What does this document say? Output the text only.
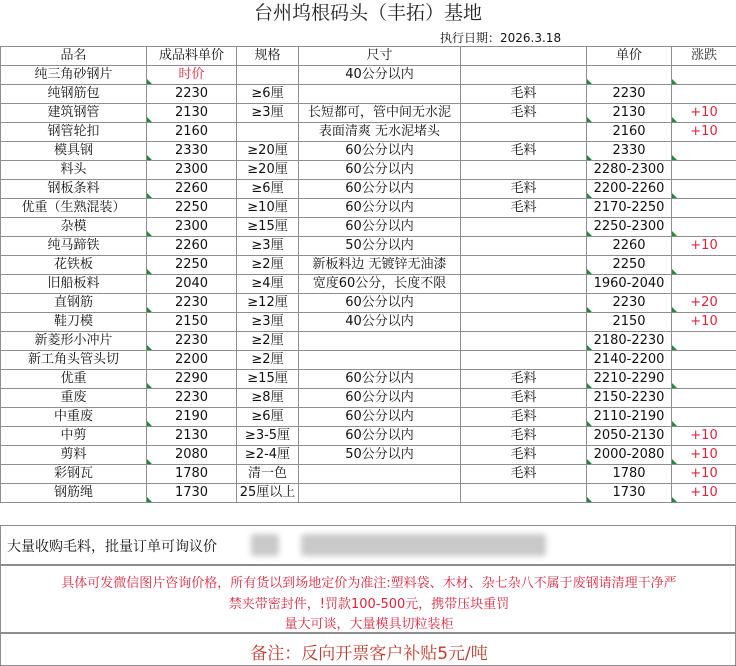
台州坞根码头（丰拓）基地
执行日期：2026.3.18
品名	成品料单价	规格	尺寸		单价	涨跌
纯三角砂钢片	时价		40公分以内			
纯钢筋包	2230	≥6厘		毛料	2230	
建筑钢管	2130	≥3厘	长短都可，管中间无水泥	毛料	2130	+10
钢管轮扣	2160		表面清爽 无水泥堵头		2160	+10
模具钢	2330	≥20厘	60公分以内	毛料	2330	
料头	2300	≥20厘	60公分以内		2280-2300	
钢板条料	2260	≥6厘	60公分以内	毛料	2200-2260	
优重（生熟混装）	2250	≥10厘	60公分以内	毛料	2170-2250	
杂模	2300	≥15厘	60公分以内		2250-2300	
纯马蹄铁	2260	≥3厘	50公分以内		2260	+10
花铁板	2250	≥2厘	新板料边 无镀锌无油漆		2250	
旧船板料	2040	≥4厘	宽度60公分，长度不限		1960-2040	
直钢筋	2230	≥12厘	60公分以内		2230	+20
鞋刀模	2150	≥3厘	40公分以内		2150	+10
新菱形小冲片	2230	≥2厘			2180-2230	
新工角头管头切	2200	≥2厘			2140-2200	
优重	2290	≥15厘	60公分以内	毛料	2210-2290	
重废	2230	≥8厘	60公分以内	毛料	2150-2230	
中重废	2190	≥6厘	60公分以内	毛料	2110-2190	
中剪	2130	≥3-5厘	60公分以内	毛料	2050-2130	+10
剪料	2080	≥2-4厘	50公分以内	毛料	2000-2080	+10
彩钢瓦	1780	清一色		毛料	1780	+10
钢筋绳	1730	25厘以上			1730	+10
大量收购毛料，批量订单可询议价
具体可发微信图片咨询价格，所有货以到场地定价为准注:塑料袋、木材、杂七杂八不属于废钢请清理干净严
禁夹带密封件，!罚款100-500元，携带压块重罚
量大可谈，大量模具切粒装柜
备注：反向开票客户补贴5元/吨
